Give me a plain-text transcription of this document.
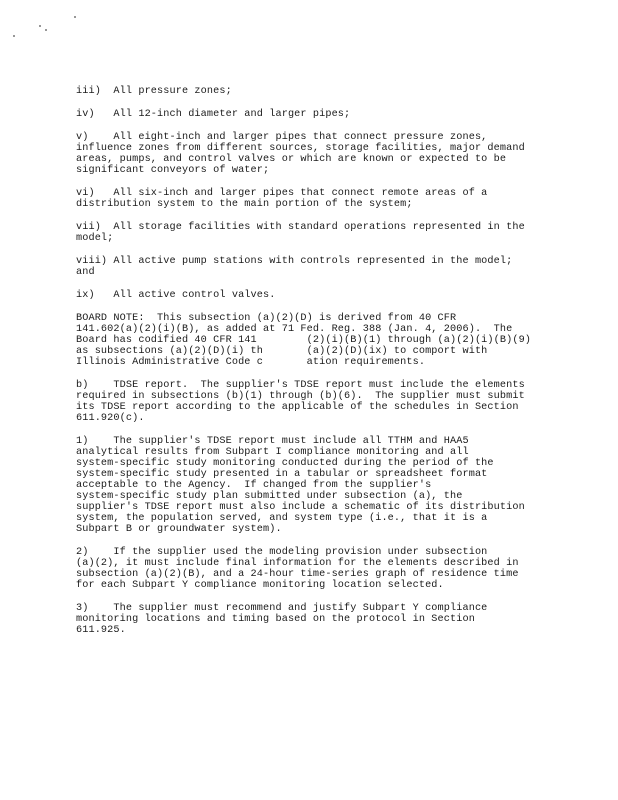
iii)  All pressure zones;
iv)   All 12-inch diameter and larger pipes;
v)    All eight-inch and larger pipes that connect pressure zones,
influence zones from different sources, storage facilities, major demand
areas, pumps, and control valves or which are known or expected to be
significant conveyors of water;
vi)   All six-inch and larger pipes that connect remote areas of a
distribution system to the main portion of the system;
vii)  All storage facilities with standard operations represented in the
model;
viii) All active pump stations with controls represented in the model;
and
ix)   All active control valves.
BOARD NOTE:  This subsection (a)(2)(D) is derived from 40 CFR
141.602(a)(2)(i)(B), as added at 71 Fed. Reg. 388 (Jan. 4, 2006).  The
Board has codified 40 CFR 141        (2)(i)(B)(1) through (a)(2)(i)(B)(9)
as subsections (a)(2)(D)(i) th       (a)(2)(D)(ix) to comport with
Illinois Administrative Code c       ation requirements.
b)    TDSE report.  The supplier's TDSE report must include the elements
required in subsections (b)(1) through (b)(6).  The supplier must submit
its TDSE report according to the applicable of the schedules in Section
611.920(c).
1)    The supplier's TDSE report must include all TTHM and HAA5
analytical results from Subpart I compliance monitoring and all
system-specific study monitoring conducted during the period of the
system-specific study presented in a tabular or spreadsheet format
acceptable to the Agency.  If changed from the supplier's
system-specific study plan submitted under subsection (a), the
supplier's TDSE report must also include a schematic of its distribution
system, the population served, and system type (i.e., that it is a
Subpart B or groundwater system).
2)    If the supplier used the modeling provision under subsection
(a)(2), it must include final information for the elements described in
subsection (a)(2)(B), and a 24-hour time-series graph of residence time
for each Subpart Y compliance monitoring location selected.
3)    The supplier must recommend and justify Subpart Y compliance
monitoring locations and timing based on the protocol in Section
611.925.
